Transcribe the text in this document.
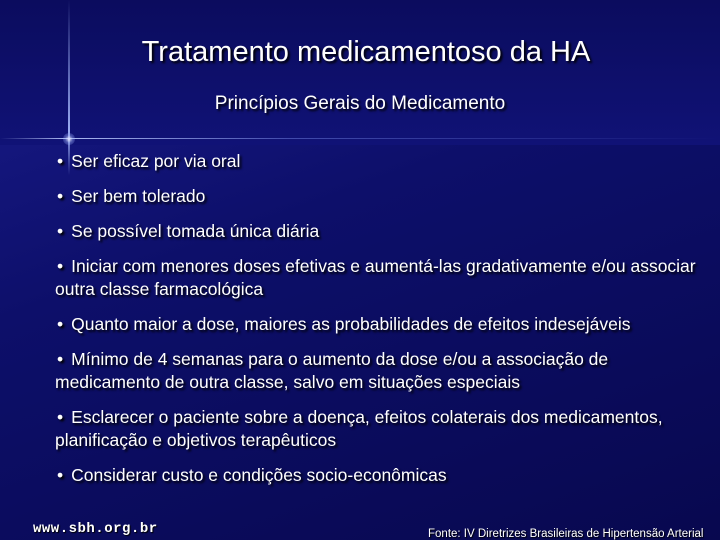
Tratamento medicamentoso da HA
Princípios Gerais do Medicamento
• Ser eficaz por via oral
• Ser bem tolerado
• Se possível tomada única diária
• Iniciar com menores doses efetivas e aumentá-las gradativamente e/ou associar outra classe farmacológica
• Quanto maior a dose, maiores as probabilidades de efeitos indesejáveis
• Mínimo de 4 semanas para o aumento da dose e/ou a associação de medicamento de outra classe, salvo em situações especiais
• Esclarecer o paciente sobre a doença, efeitos colaterais dos medicamentos, planificação e objetivos terapêuticos
• Considerar custo e condições socio-econômicas
www.sbh.org.br	Fonte: IV Diretrizes Brasileiras de Hipertensão Arterial
